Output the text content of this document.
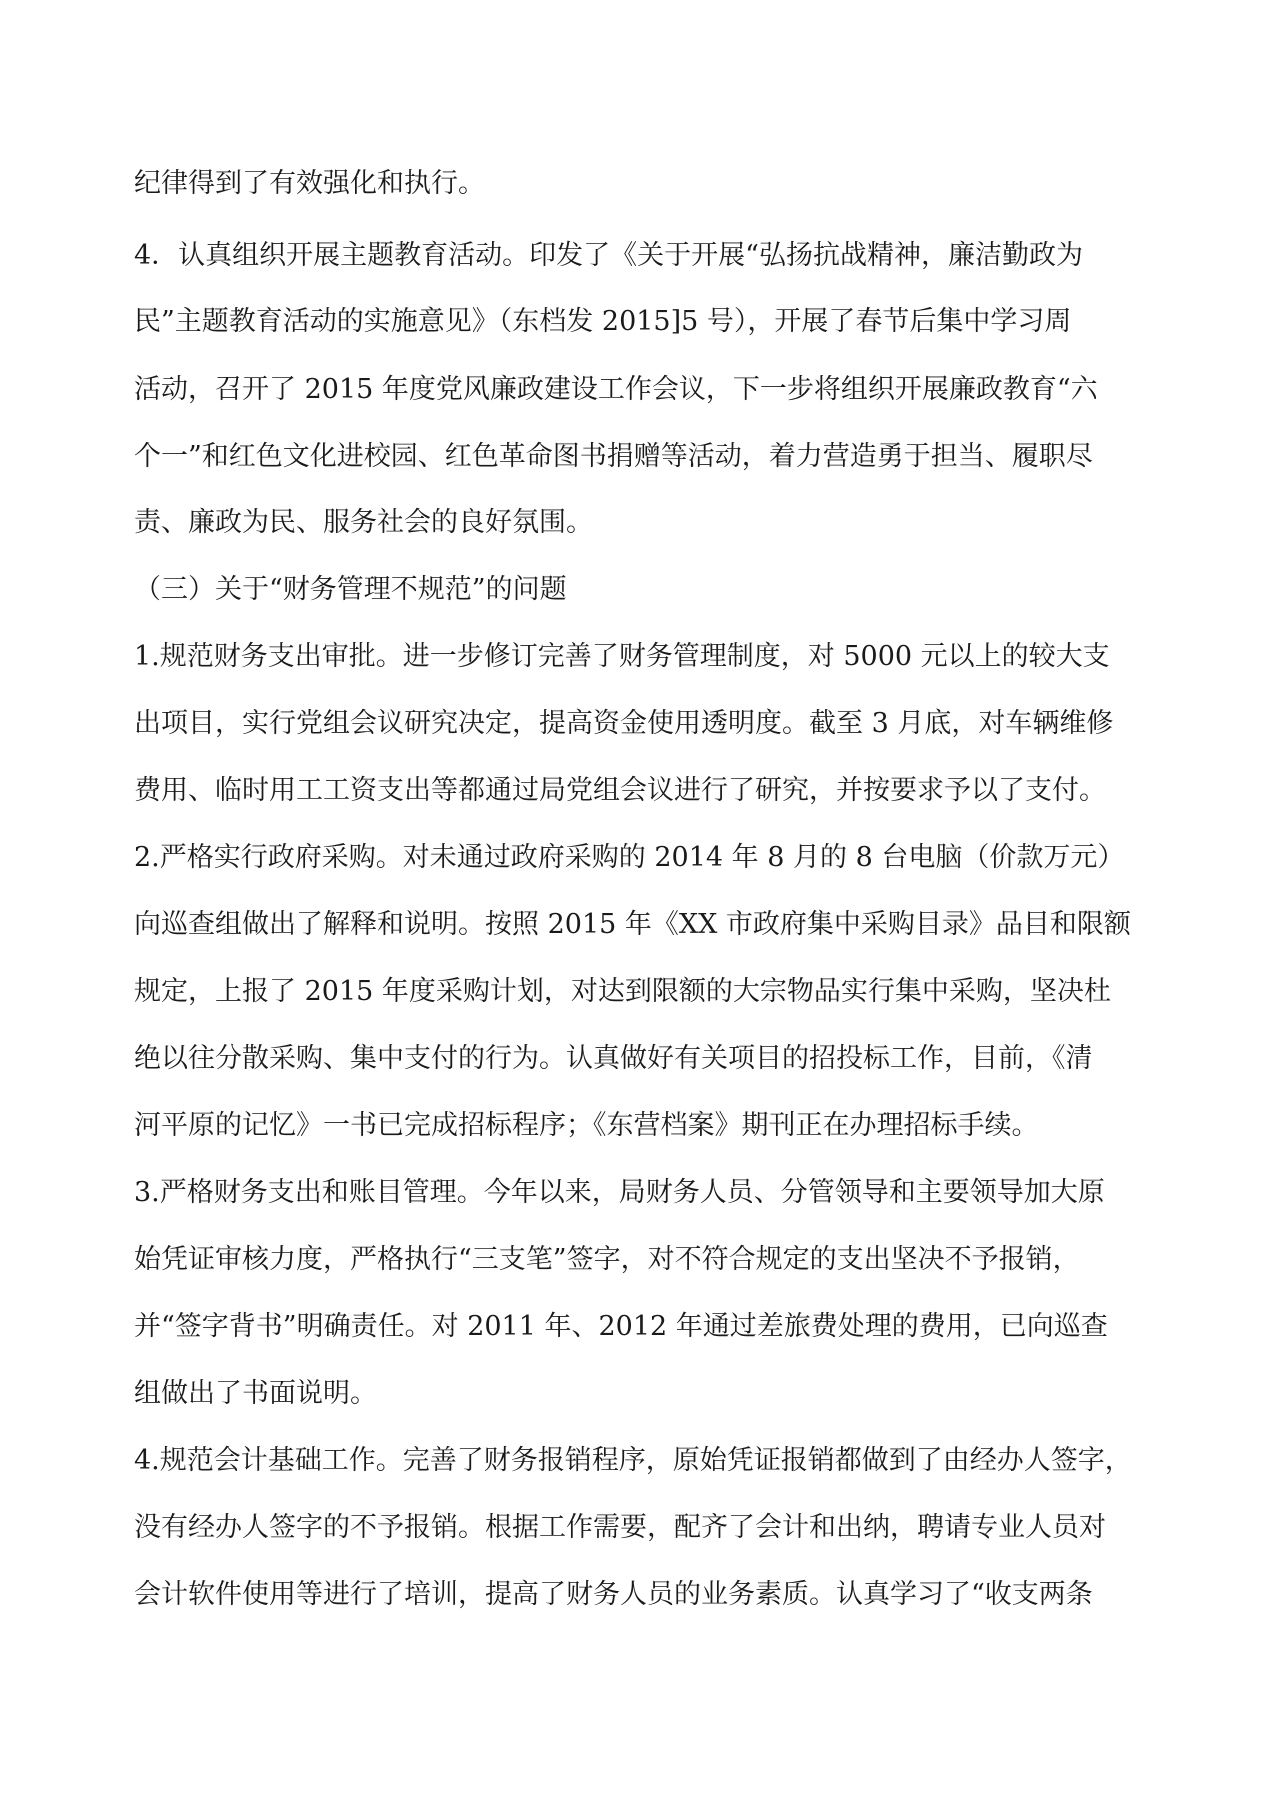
纪律得到了有效强化和执行。
4．认真组织开展主题教育活动。印发了《关于开展“弘扬抗战精神，廉洁勤政为
民”主题教育活动的实施意见》（东档发 2015]5 号），开展了春节后集中学习周
活动，召开了 2015 年度党风廉政建设工作会议，下一步将组织开展廉政教育“六
个一”和红色文化进校园、红色革命图书捐赠等活动，着力营造勇于担当、履职尽
责、廉政为民、服务社会的良好氛围。
（三）关于“财务管理不规范”的问题
1.规范财务支出审批。进一步修订完善了财务管理制度，对 5000 元以上的较大支
出项目，实行党组会议研究决定，提高资金使用透明度。截至 3 月底，对车辆维修
费用、临时用工工资支出等都通过局党组会议进行了研究，并按要求予以了支付。
2.严格实行政府采购。对未通过政府采购的 2014 年 8 月的 8 台电脑（价款万元）
向巡查组做出了解释和说明。按照 2015 年《XX 市政府集中采购目录》品目和限额
规定，上报了 2015 年度采购计划，对达到限额的大宗物品实行集中采购，坚决杜
绝以往分散采购、集中支付的行为。认真做好有关项目的招投标工作，目前，《清
河平原的记忆》一书已完成招标程序；《东营档案》期刊正在办理招标手续。
3.严格财务支出和账目管理。今年以来，局财务人员、分管领导和主要领导加大原
始凭证审核力度，严格执行“三支笔”签字，对不符合规定的支出坚决不予报销，
并“签字背书”明确责任。对 2011 年、2012 年通过差旅费处理的费用，已向巡查
组做出了书面说明。
4.规范会计基础工作。完善了财务报销程序，原始凭证报销都做到了由经办人签字，
没有经办人签字的不予报销。根据工作需要，配齐了会计和出纳，聘请专业人员对
会计软件使用等进行了培训，提高了财务人员的业务素质。认真学习了“收支两条
